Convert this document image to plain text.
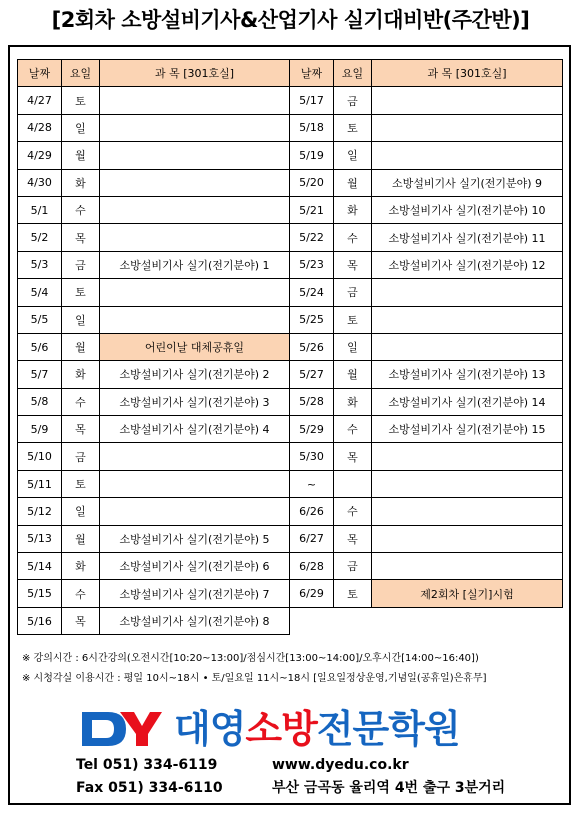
[2회차 소방설비기사&산업기사 실기대비반(주간반)]
날짜	요일	과 목 [301호실]	날짜	요일	과 목 [301호실]
4/27	토		5/17	금	
4/28	일		5/18	토	
4/29	월		5/19	일	
4/30	화		5/20	월	소방설비기사 실기(전기분야) 9
5/1	수		5/21	화	소방설비기사 실기(전기분야) 10
5/2	목		5/22	수	소방설비기사 실기(전기분야) 11
5/3	금	소방설비기사 실기(전기분야) 1	5/23	목	소방설비기사 실기(전기분야) 12
5/4	토		5/24	금	
5/5	일		5/25	토	
5/6	월	어린이날 대체공휴일	5/26	일	
5/7	화	소방설비기사 실기(전기분야) 2	5/27	월	소방설비기사 실기(전기분야) 13
5/8	수	소방설비기사 실기(전기분야) 3	5/28	화	소방설비기사 실기(전기분야) 14
5/9	목	소방설비기사 실기(전기분야) 4	5/29	수	소방설비기사 실기(전기분야) 15
5/10	금		5/30	목	
5/11	토		~		
5/12	일		6/26	수	
5/13	월	소방설비기사 실기(전기분야) 5	6/27	목	
5/14	화	소방설비기사 실기(전기분야) 6	6/28	금	
5/15	수	소방설비기사 실기(전기분야) 7	6/29	토	제2회차 [실기]시험
5/16	목	소방설비기사 실기(전기분야) 8			
※ 강의시간 : 6시간강의(오전시간[10:20~13:00]/점심시간[13:00~14:00]/오후시간[14:00~16:40])
※ 시청각실 이용시간 : 평일 10시~18시 • 토/일요일 11시~18시 [일요일정상운영,기념일(공휴일)은휴무]
대영소방전문학원
Tel 051) 334-6119	www.dyedu.co.kr
Fax 051) 334-6110	부산 금곡동 율리역 4번 출구 3분거리
